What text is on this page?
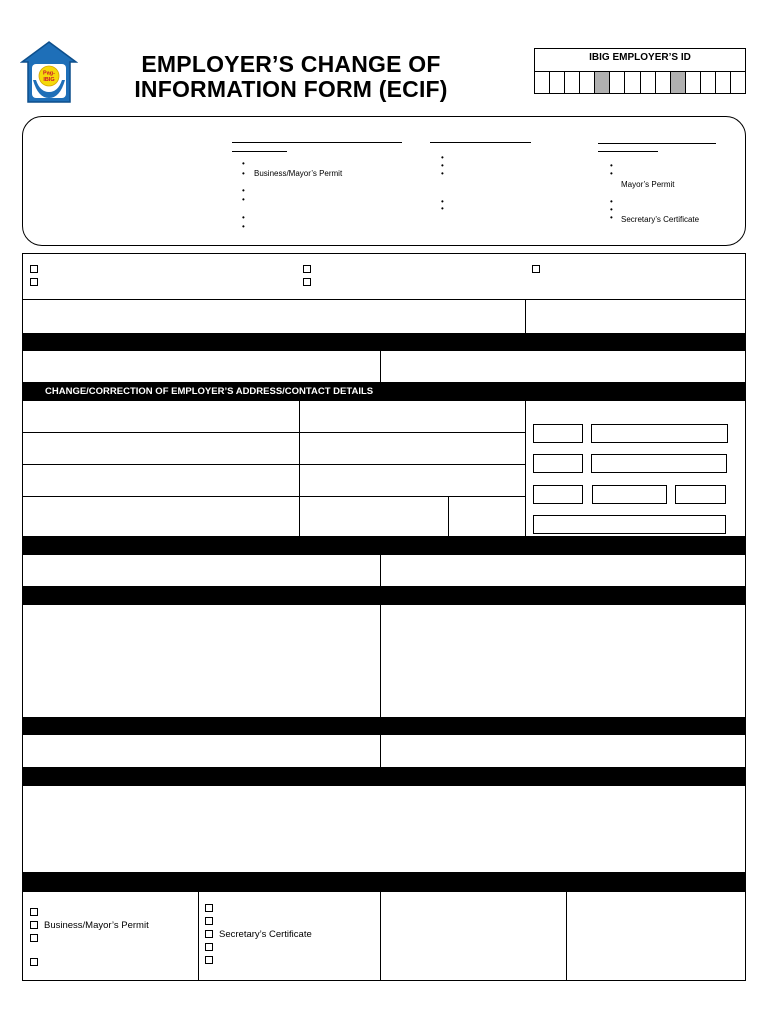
Pag-
IBIG
EMPLOYER’S CHANGE OF
INFORMATION FORM (ECIF)
IBIG EMPLOYER’S ID
•
• Business/Mayor’s Permit
•
•
•
•
•
•
•
•
•
•
•
Mayor’s Permit
•
•
• Secretary’s Certificate
CHANGE/CORRECTION OF EMPLOYER’S ADDRESS/CONTACT DETAILS
Business/Mayor’s Permit
Secretary’s Certificate
